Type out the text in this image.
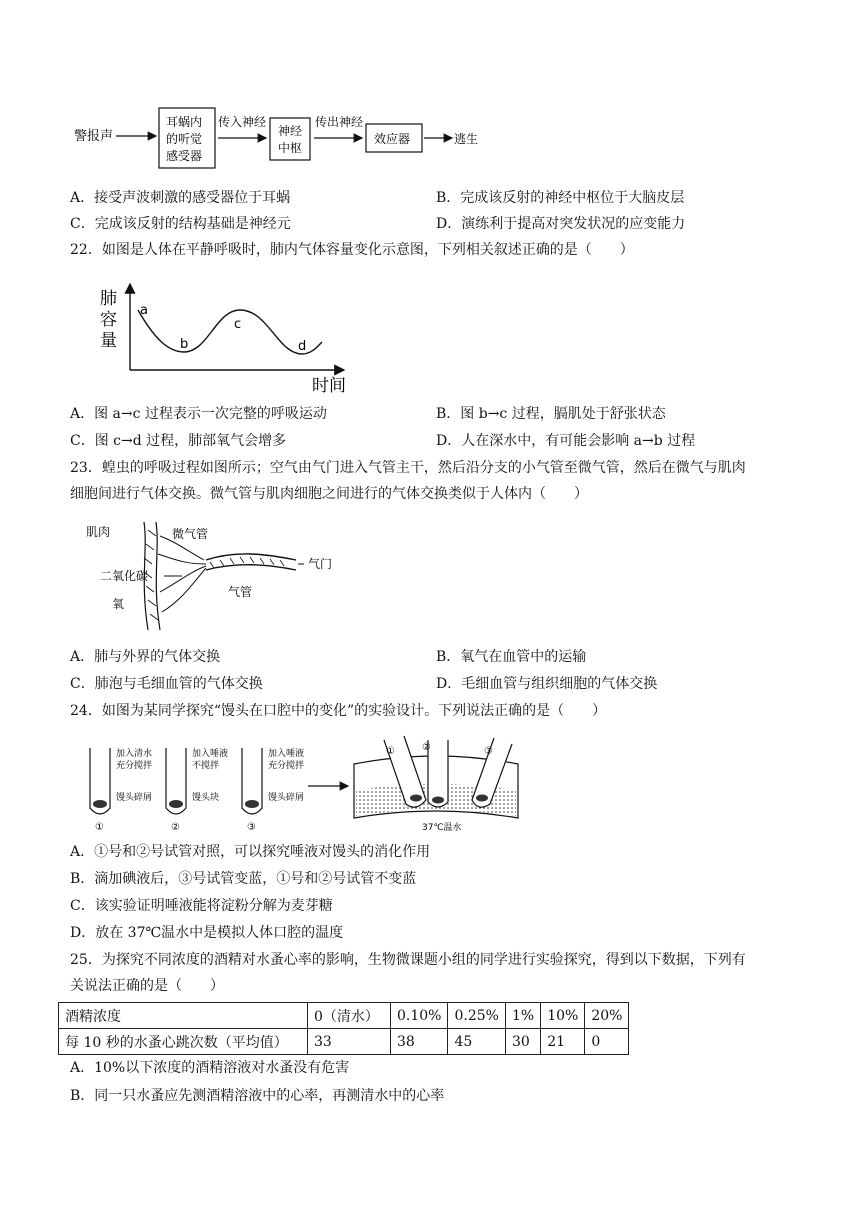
警报声
耳蜗内
的听觉
感受器
传入神经
神经
中枢
传出神经
效应器	逃生
A．接受声波刺激的感受器位于耳蜗	B．完成该反射的神经中枢位于大脑皮层
C．完成该反射的结构基础是神经元	D．演练利于提高对突发状况的应变能力
22．如图是人体在平静呼吸时，肺内气体容量变化示意图，下列相关叙述正确的是（　　）
肺
容
量
a
b
c
d
时间
A．图 a→c 过程表示一次完整的呼吸运动	B．图 b→c 过程，膈肌处于舒张状态
C．图 c→d 过程，肺部氧气会增多	D．人在深水中，有可能会影响 a→b 过程
23．蝗虫的呼吸过程如图所示；空气由气门进入气管主干，然后沿分支的小气管至微气管，然后在微气与肌肉
细胞间进行气体交换。微气管与肌肉细胞之间进行的气体交换类似于人体内（　　）
肌肉	微气管
气门
二氧化碳
气管
氧
A．肺与外界的气体交换	B．氧气在血管中的运输
C．肺泡与毛细血管的气体交换	D．毛细血管与组织细胞的气体交换
24．如图为某同学探究“馒头在口腔中的变化”的实验设计。下列说法正确的是（　　）
加入清水
充分搅拌
馒头碎屑
①
加入唾液
不搅拌
馒头块
②
加入唾液
充分搅拌
馒头碎屑
③
①	②	③
37℃温水
A．①号和②号试管对照，可以探究唾液对馒头的消化作用
B．滴加碘液后，③号试管变蓝，①号和②号试管不变蓝
C．该实验证明唾液能将淀粉分解为麦芽糖
D．放在 37℃温水中是模拟人体口腔的温度
25．为探究不同浓度的酒精对水蚤心率的影响，生物微课题小组的同学进行实验探究，得到以下数据，下列有
关说法正确的是（　　）
酒精浓度	0（清水）	0.10%	0.25%	1%	10%	20%
每 10 秒的水蚤心跳次数（平均值）	33	38	45	30	21	0
A．10%以下浓度的酒精溶液对水蚤没有危害
B．同一只水蚤应先测酒精溶液中的心率，再测清水中的心率
